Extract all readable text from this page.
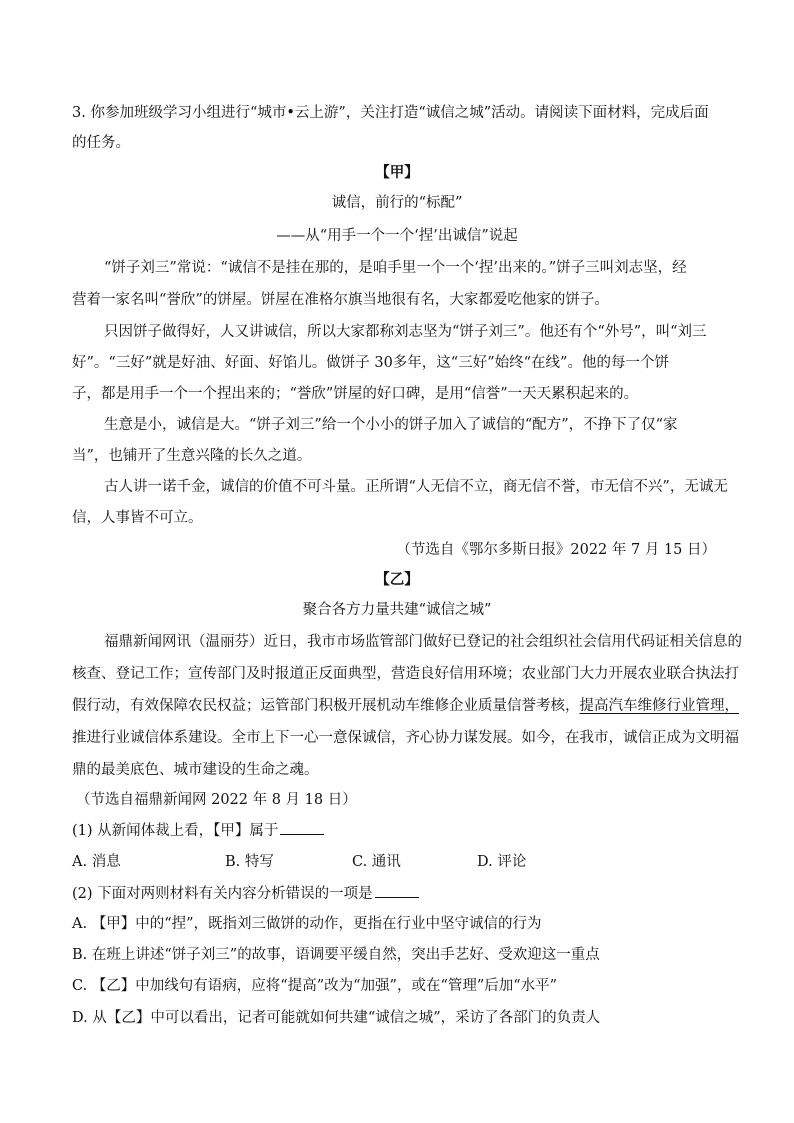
3. 你参加班级学习小组进行“城市•云上游”，关注打造“诚信之城”活动。请阅读下面材料，完成后面
的任务。
【甲】
诚信，前行的“标配”
——从“用手一个一个‘捏’出诚信”说起
“饼子刘三”常说：“诚信不是挂在那的，是咱手里一个一个‘捏’出来的。”饼子三叫刘志坚，经
营着一家名叫“誉欣”的饼屋。饼屋在准格尔旗当地很有名，大家都爱吃他家的饼子。
只因饼子做得好，人又讲诚信，所以大家都称刘志坚为“饼子刘三”。他还有个“外号”，叫“刘三
好”。“三好”就是好油、好面、好馅儿。做饼子 30多年，这“三好”始终“在线”。他的每一个饼
子，都是用手一个一个捏出来的；“誉欣”饼屋的好口碑，是用“信誉”一天天累积起来的。
生意是小，诚信是大。“饼子刘三”给一个小小的饼子加入了诚信的“配方”，不挣下了仅“家
当”，也铺开了生意兴隆的长久之道。
古人讲一诺千金，诚信的价值不可斗量。正所谓“人无信不立，商无信不誉，市无信不兴”，无诚无
信，人事皆不可立。
（节选自《鄂尔多斯日报》2022 年 7 月 15 日）
【乙】
聚合各方力量共建“诚信之城”
福鼎新闻网讯（温丽芬）近日，我市市场监管部门做好已登记的社会组织社会信用代码证相关信息的
核查、登记工作；宣传部门及时报道正反面典型，营造良好信用环境；农业部门大力开展农业联合执法打
假行动，有效保障农民权益；运管部门积极开展机动车维修企业质量信誉考核，提高汽车维修行业管理，
推进行业诚信体系建设。全市上下一心一意保诚信，齐心协力谋发展。如今，在我市，诚信正成为文明福
鼎的最美底色、城市建设的生命之魂。
（节选自福鼎新闻网 2022 年 8 月 18 日）
(1) 从新闻体裁上看，【甲】属于
A. 消息	B. 特写	C. 通讯	D. 评论
(2) 下面对两则材料有关内容分析错误的一项是
A. 【甲】中的“捏”，既指刘三做饼的动作，更指在行业中坚守诚信的行为
B. 在班上讲述“饼子刘三”的故事，语调要平缓自然，突出手艺好、受欢迎这一重点
C. 【乙】中加线句有语病，应将“提高”改为“加强”，或在“管理”后加“水平”
D. 从【乙】中可以看出，记者可能就如何共建“诚信之城”，采访了各部门的负责人
